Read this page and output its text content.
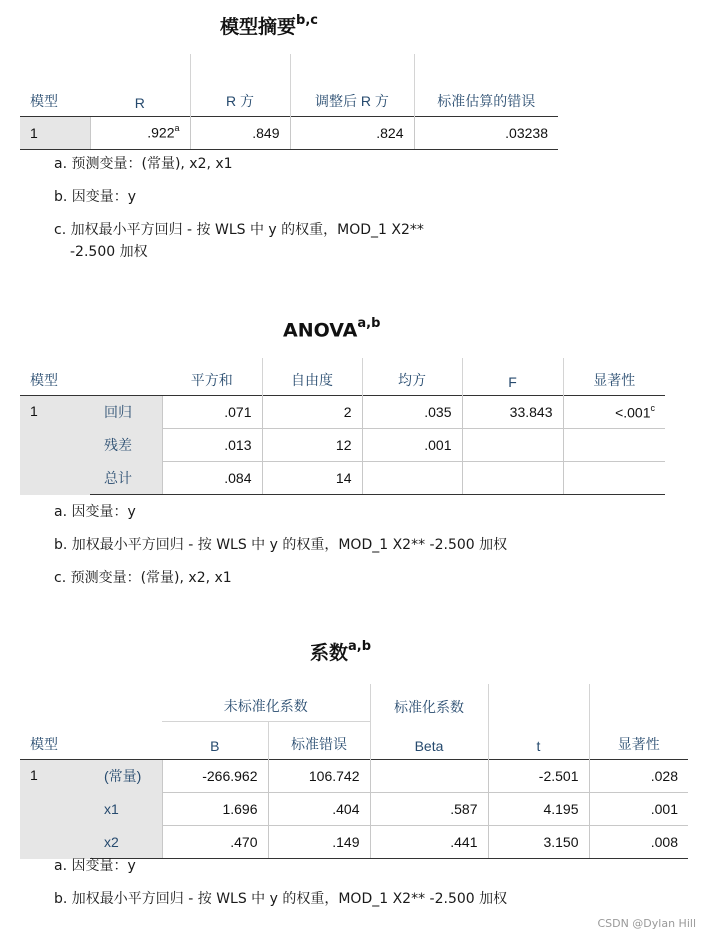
模型摘要$^{b,c}$
模型	R	R 方	调整后 R 方	标准估算的错误
1	.922$^a$	.849	.824	.03238
a. 预测变量：(常量), x2, x1
b. 因变量：y
c. 加权最小平方回归 - 按 WLS 中 y 的权重，MOD_1 X2**
-2.500 加权
ANOVA$^{a,b}$
模型		平方和	自由度	均方	F	显著性
1	回归	.071	2	.035	33.843	<.001$^c$
	残差	.013	12	.001		
	总计	.084	14			
a. 因变量：y
b. 加权最小平方回归 - 按 WLS 中 y 的权重，MOD_1 X2** -2.500 加权
c. 预测变量：(常量), x2, x1
系数$^{a,b}$
		未标准化系数		标准化系数		
模型		B	标准错误	Beta	t	显著性
1	(常量)	-266.962	106.742		-2.501	.028
	x1	1.696	.404	.587	4.195	.001
	x2	.470	.149	.441	3.150	.008
a. 因变量：y
b. 加权最小平方回归 - 按 WLS 中 y 的权重，MOD_1 X2** -2.500 加权
CSDN @Dylan Hill
